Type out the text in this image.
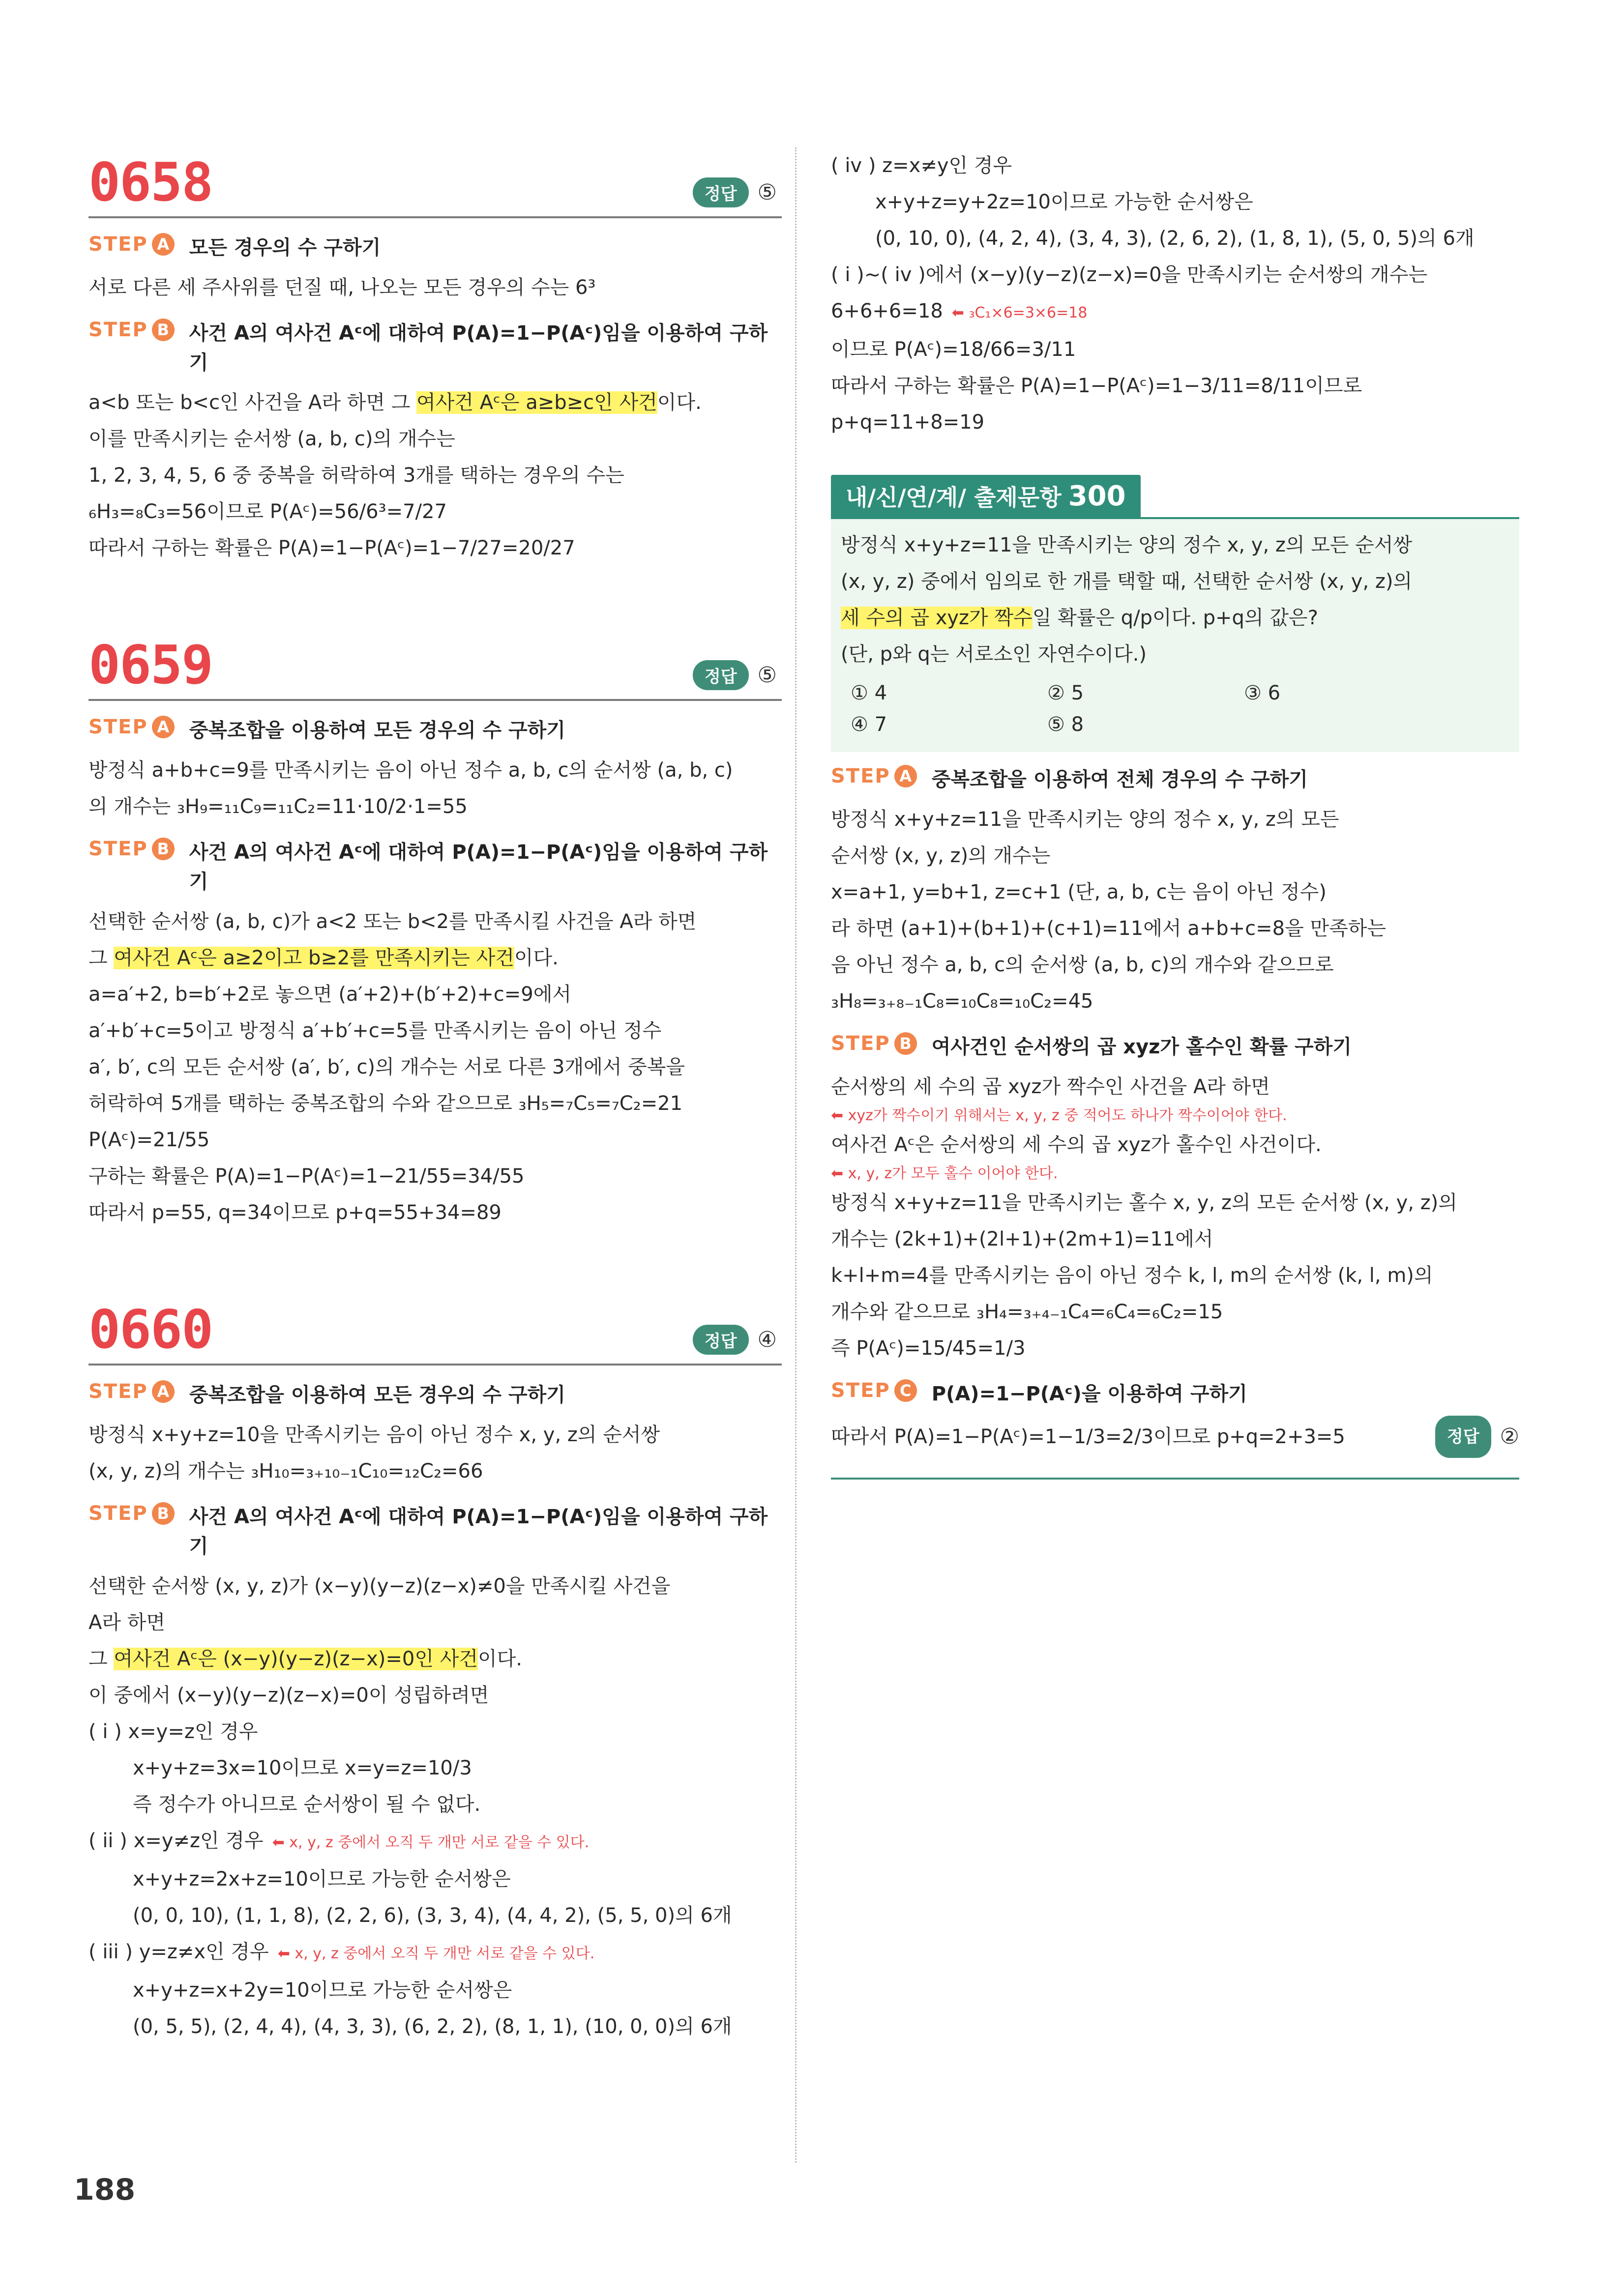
0658	정답 ⑤
STEP A 모든 경우의 수 구하기
서로 다른 세 주사위를 던질 때, 나오는 모든 경우의 수는 6³
STEP B 사건 A의 여사건 Aᶜ에 대하여 P(A)=1−P(Aᶜ)임을 이용하여 구하기
a<b 또는 b<c인 사건을 A라 하면 그 여사건 Aᶜ은 a≥b≥c인 사건이다.
이를 만족시키는 순서쌍 (a, b, c)의 개수는
1, 2, 3, 4, 5, 6 중 중복을 허락하여 3개를 택하는 경우의 수는
₆H₃=₈C₃=56이므로 P(Aᶜ)=56/6³=7/27
따라서 구하는 확률은 P(A)=1−P(Aᶜ)=1−7/27=20/27
0659	정답 ⑤
STEP A 중복조합을 이용하여 모든 경우의 수 구하기
방정식 a+b+c=9를 만족시키는 음이 아닌 정수 a, b, c의 순서쌍 (a, b, c)
의 개수는 ₃H₉=₁₁C₉=₁₁C₂=11·10/2·1=55
STEP B 사건 A의 여사건 Aᶜ에 대하여 P(A)=1−P(Aᶜ)임을 이용하여 구하기
선택한 순서쌍 (a, b, c)가 a<2 또는 b<2를 만족시킬 사건을 A라 하면
그 여사건 Aᶜ은 a≥2이고 b≥2를 만족시키는 사건이다.
a=a′+2, b=b′+2로 놓으면 (a′+2)+(b′+2)+c=9에서
a′+b′+c=5이고 방정식 a′+b′+c=5를 만족시키는 음이 아닌 정수
a′, b′, c의 모든 순서쌍 (a′, b′, c)의 개수는 서로 다른 3개에서 중복을
허락하여 5개를 택하는 중복조합의 수와 같으므로 ₃H₅=₇C₅=₇C₂=21
P(Aᶜ)=21/55
구하는 확률은 P(A)=1−P(Aᶜ)=1−21/55=34/55
따라서 p=55, q=34이므로 p+q=55+34=89
0660	정답 ④
STEP A 중복조합을 이용하여 모든 경우의 수 구하기
방정식 x+y+z=10을 만족시키는 음이 아닌 정수 x, y, z의 순서쌍
(x, y, z)의 개수는 ₃H₁₀=₃₊₁₀₋₁C₁₀=₁₂C₂=66
STEP B 사건 A의 여사건 Aᶜ에 대하여 P(A)=1−P(Aᶜ)임을 이용하여 구하기
선택한 순서쌍 (x, y, z)가 (x−y)(y−z)(z−x)≠0을 만족시킬 사건을
A라 하면
그 여사건 Aᶜ은 (x−y)(y−z)(z−x)=0인 사건이다.
이 중에서 (x−y)(y−z)(z−x)=0이 성립하려면
( i ) x=y=z인 경우
x+y+z=3x=10이므로 x=y=z=10/3
즉 정수가 아니므로 순서쌍이 될 수 없다.
( ii ) x=y≠z인 경우 ⬅ x, y, z 중에서 오직 두 개만 서로 같을 수 있다.
x+y+z=2x+z=10이므로 가능한 순서쌍은
(0, 0, 10), (1, 1, 8), (2, 2, 6), (3, 3, 4), (4, 4, 2), (5, 5, 0)의 6개
( iii ) y=z≠x인 경우 ⬅ x, y, z 중에서 오직 두 개만 서로 같을 수 있다.
x+y+z=x+2y=10이므로 가능한 순서쌍은
(0, 5, 5), (2, 4, 4), (4, 3, 3), (6, 2, 2), (8, 1, 1), (10, 0, 0)의 6개
( iv ) z=x≠y인 경우
x+y+z=y+2z=10이므로 가능한 순서쌍은
(0, 10, 0), (4, 2, 4), (3, 4, 3), (2, 6, 2), (1, 8, 1), (5, 0, 5)의 6개
( i )~( iv )에서 (x−y)(y−z)(z−x)=0을 만족시키는 순서쌍의 개수는
6+6+6=18 ⬅ ₃C₁×6=3×6=18
이므로 P(Aᶜ)=18/66=3/11
따라서 구하는 확률은 P(A)=1−P(Aᶜ)=1−3/11=8/11이므로
p+q=11+8=19
내/신/연/계/ 출제문항 300
방정식 x+y+z=11을 만족시키는 양의 정수 x, y, z의 모든 순서쌍
(x, y, z) 중에서 임의로 한 개를 택할 때, 선택한 순서쌍 (x, y, z)의
세 수의 곱 xyz가 짝수일 확률은 q/p이다. p+q의 값은?
(단, p와 q는 서로소인 자연수이다.)
① 4	② 5	③ 6
④ 7	⑤ 8
STEP A 중복조합을 이용하여 전체 경우의 수 구하기
방정식 x+y+z=11을 만족시키는 양의 정수 x, y, z의 모든
순서쌍 (x, y, z)의 개수는
x=a+1, y=b+1, z=c+1 (단, a, b, c는 음이 아닌 정수)
라 하면 (a+1)+(b+1)+(c+1)=11에서 a+b+c=8을 만족하는
음 아닌 정수 a, b, c의 순서쌍 (a, b, c)의 개수와 같으므로
₃H₈=₃₊₈₋₁C₈=₁₀C₈=₁₀C₂=45
STEP B 여사건인 순서쌍의 곱 xyz가 홀수인 확률 구하기
순서쌍의 세 수의 곱 xyz가 짝수인 사건을 A라 하면
⬅ xyz가 짝수이기 위해서는 x, y, z 중 적어도 하나가 짝수이어야 한다.
여사건 Aᶜ은 순서쌍의 세 수의 곱 xyz가 홀수인 사건이다.
⬅ x, y, z가 모두 홀수 이어야 한다.
방정식 x+y+z=11을 만족시키는 홀수 x, y, z의 모든 순서쌍 (x, y, z)의
개수는 (2k+1)+(2l+1)+(2m+1)=11에서
k+l+m=4를 만족시키는 음이 아닌 정수 k, l, m의 순서쌍 (k, l, m)의
개수와 같으므로 ₃H₄=₃₊₄₋₁C₄=₆C₄=₆C₂=15
즉 P(Aᶜ)=15/45=1/3
STEP C P(A)=1−P(Aᶜ)을 이용하여 구하기
따라서 P(A)=1−P(Aᶜ)=1−1/3=2/3이므로 p+q=2+3=5	정답 ②
188
